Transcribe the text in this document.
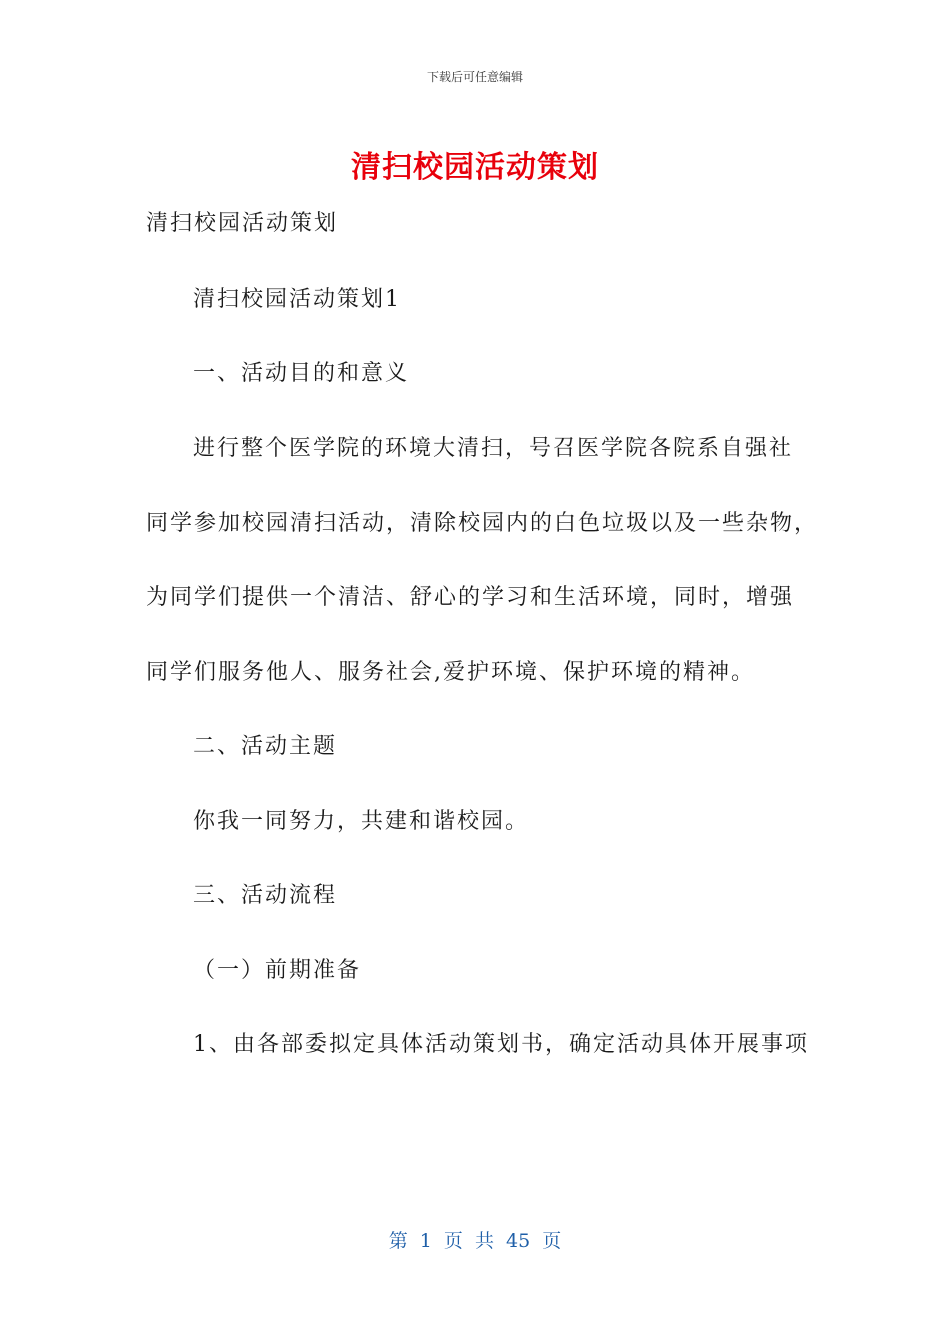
下载后可任意编辑
清扫校园活动策划
清扫校园活动策划
清扫校园活动策划1
一、活动目的和意义
进行整个医学院的环境大清扫，号召医学院各院系自强社
同学参加校园清扫活动，清除校园内的白色垃圾以及一些杂物，
为同学们提供一个清洁、舒心的学习和生活环境，同时，增强
同学们服务他人、服务社会,爱护环境、保护环境的精神。
二、活动主题
你我一同努力，共建和谐校园。
三、活动流程
（一）前期准备
1、由各部委拟定具体活动策划书，确定活动具体开展事项
第 1 页 共 45 页
